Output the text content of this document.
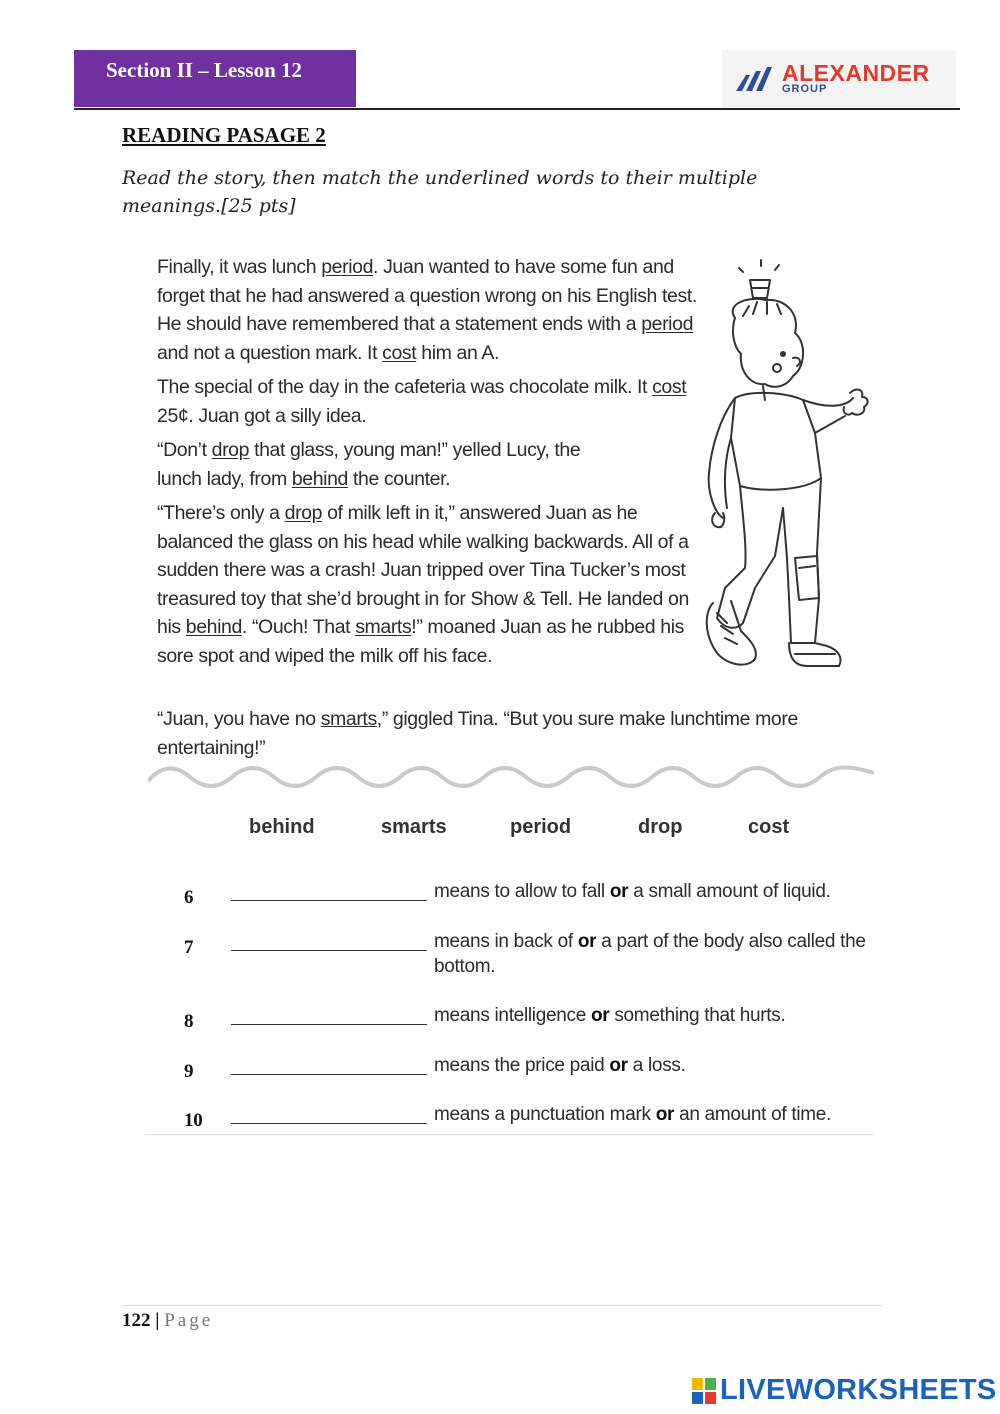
Section II – Lesson 12	ALEXANDER
GROUP
READING PASAGE 2
Read the story, then match the underlined words to their multiple meanings.[25 pts]

Finally, it was lunch period. Juan wanted to have some fun and forget that he had answered a question wrong on his English test. He should have remembered that a statement ends with a period and not a question mark. It cost him an A.

The special of the day in the cafeteria was chocolate milk. It cost 25¢. Juan got a silly idea.

“Don’t drop that glass, young man!” yelled Lucy, the lunch lady, from behind the counter.

“There’s only a drop of milk left in it,” answered Juan as he balanced the glass on his head while walking backwards. All of a sudden there was a crash! Juan tripped over Tina Tucker’s most treasured toy that she’d brought in for Show & Tell. He landed on his behind. “Ouch! That smarts!” moaned Juan as he rubbed his sore spot and wiped the milk off his face.

“Juan, you have no smarts,” giggled Tina. “But you sure make lunchtime more entertaining!”
behind	smarts	period	drop	cost
6	means to allow to fall or a small amount of liquid.
7	means in back of or a part of the body also called the bottom.
8	means intelligence or something that hurts.
9	means the price paid or a loss.
10	means a punctuation mark or an amount of time.
122 | Page
LIVEWORKSHEETS
